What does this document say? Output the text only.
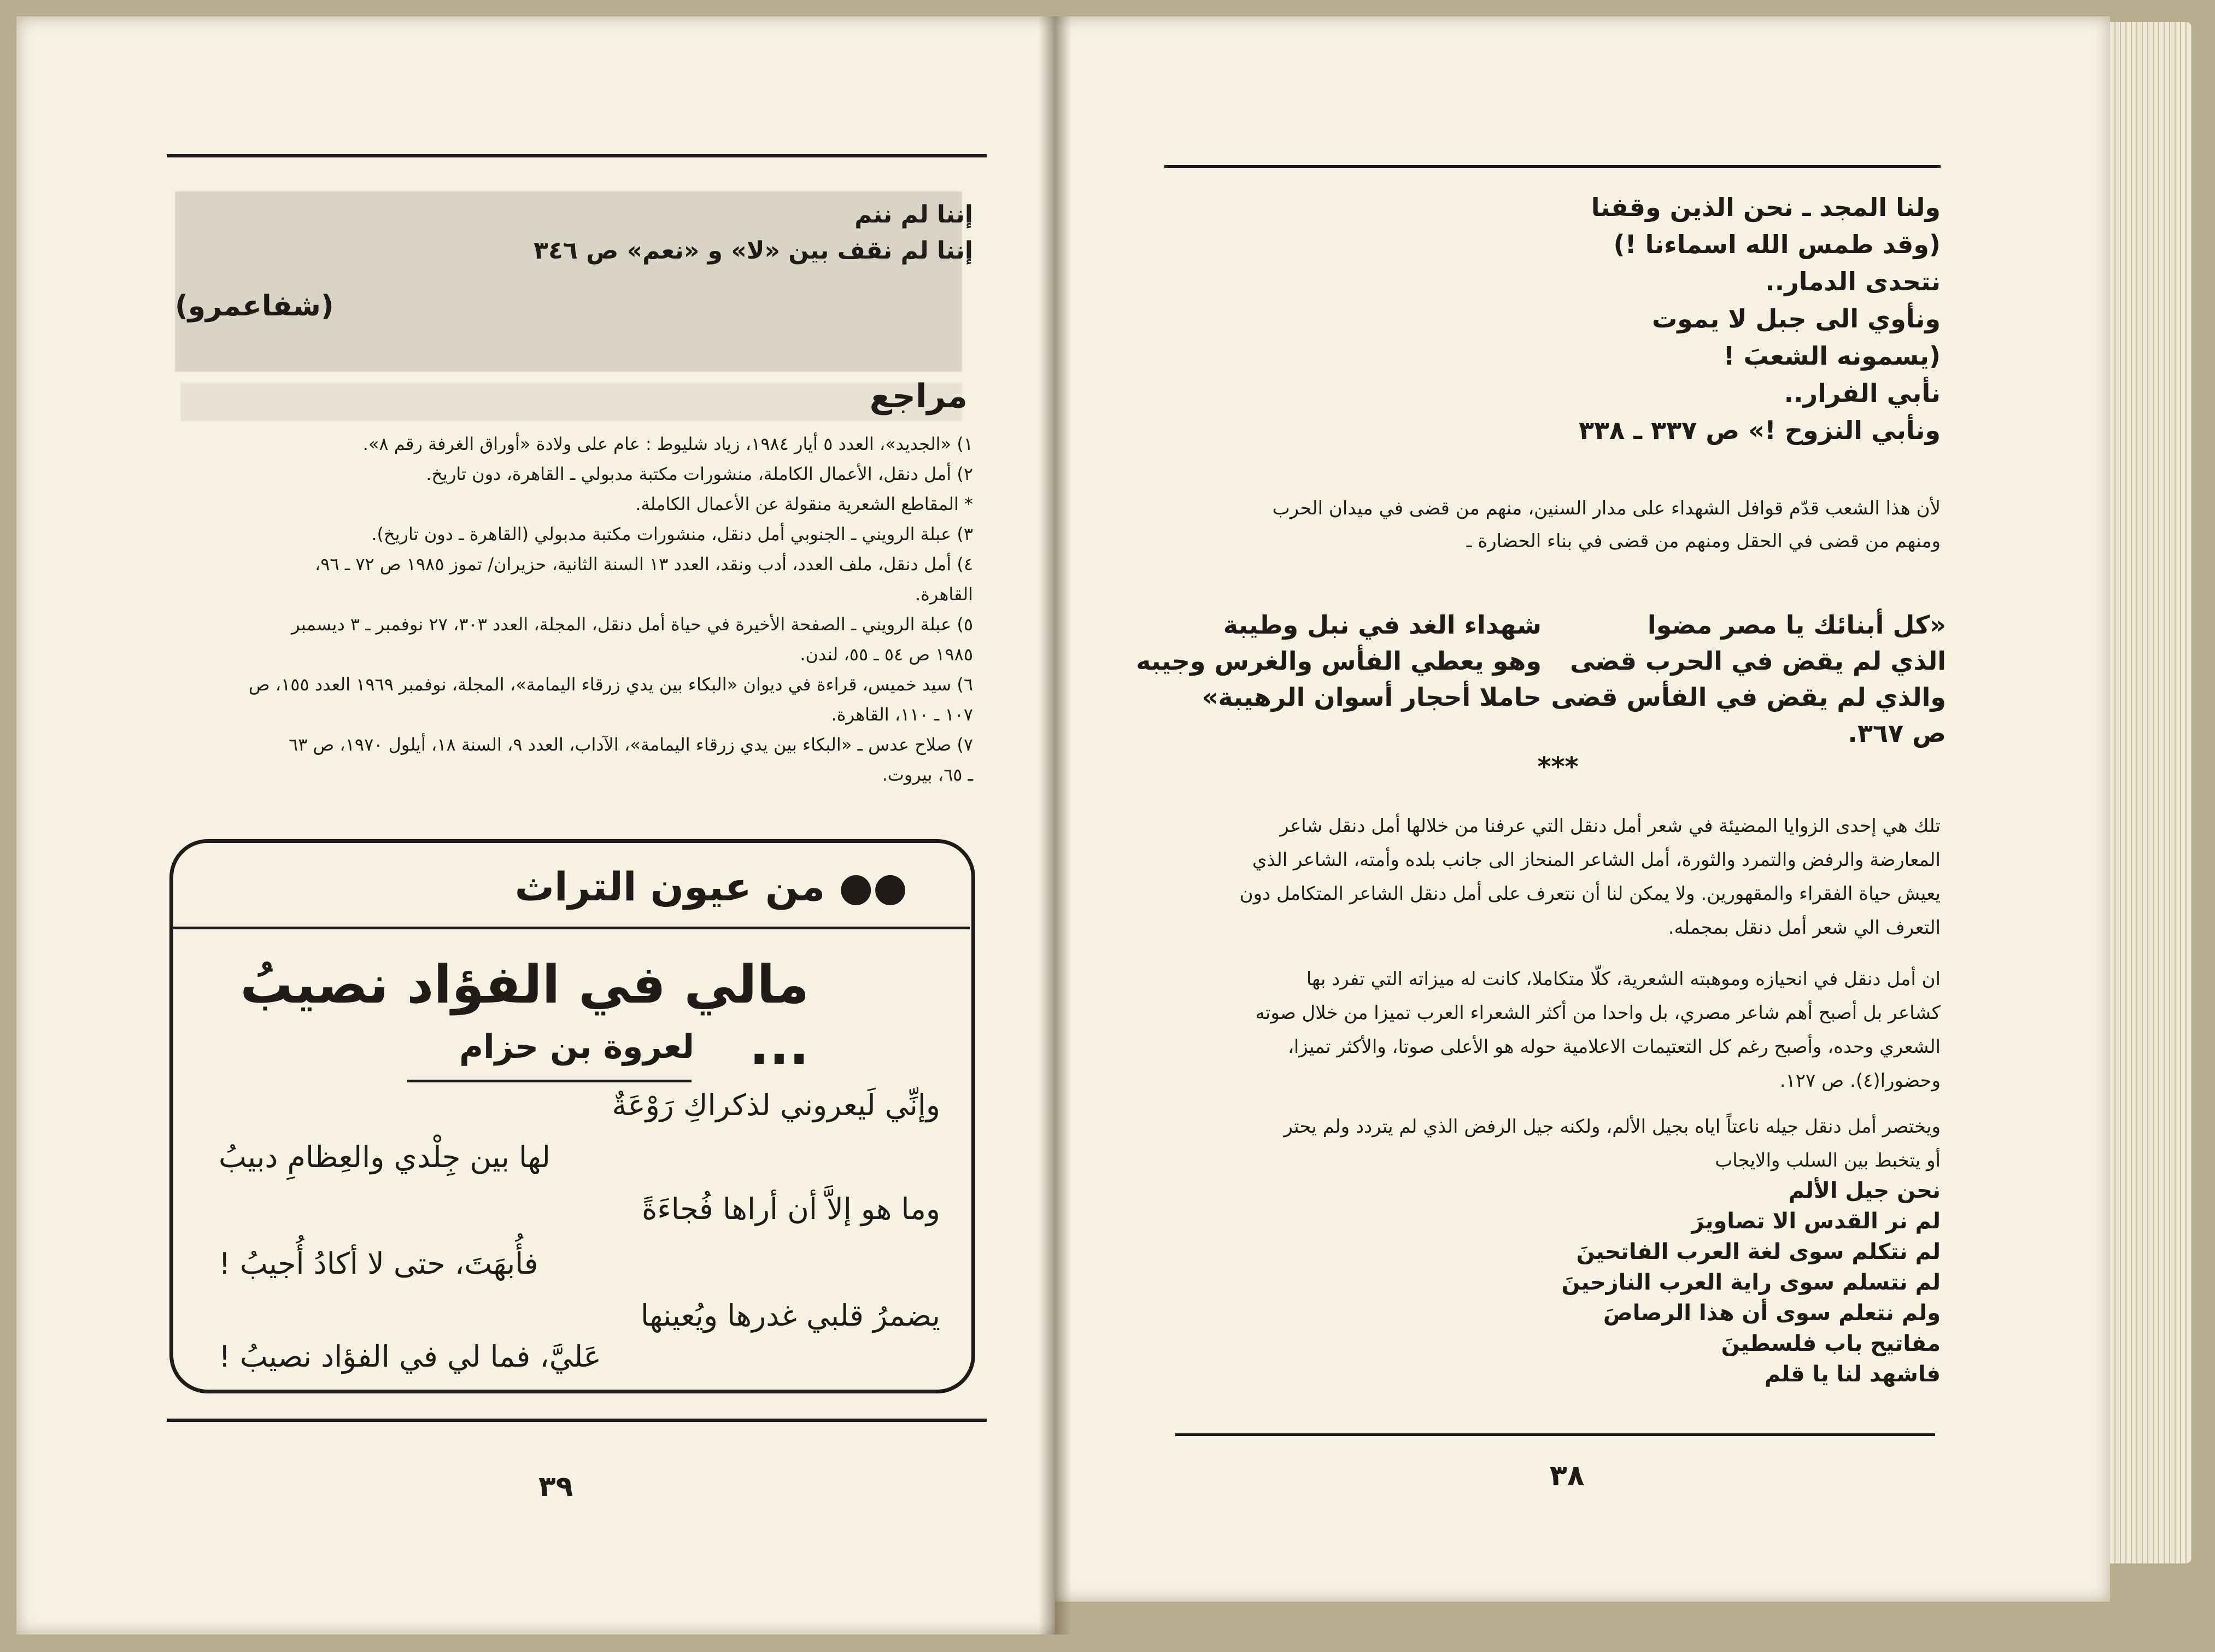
إننا لم ننم
إننا لم نقف بين «لا» و «نعم» ص ٣٤٦
(شفاعمرو)
مراجع
١) «الجديد»، العدد ٥ أيار ١٩٨٤، زياد شليوط : عام على ولادة «أوراق الغرفة رقم ٨».
٢) أمل دنقل، الأعمال الكاملة، منشورات مكتبة مدبولي ـ القاهرة، دون تاريخ.
* المقاطع الشعرية منقولة عن الأعمال الكاملة.
٣) عبلة الرويني ـ الجنوبي أمل دنقل، منشورات مكتبة مدبولي (القاهرة ـ دون تاريخ).
٤) أمل دنقل، ملف العدد، أدب ونقد، العدد ١٣ السنة الثانية، حزيران/ تموز ١٩٨٥ ص ٧٢ ـ ٩٦،
القاهرة.
٥) عبلة الرويني ـ الصفحة الأخيرة في حياة أمل دنقل، المجلة، العدد ٣٠٣، ٢٧ نوفمبر ـ ٣ ديسمبر
١٩٨٥ ص ٥٤ ـ ٥٥، لندن.
٦) سيد خميس، قراءة في ديوان «البكاء بين يدي زرقاء اليمامة»، المجلة، نوفمبر ١٩٦٩ العدد ١٥٥، ص
١٠٧ ـ ١١٠، القاهرة.
٧) صلاح عدس ـ «البكاء بين يدي زرقاء اليمامة»، الآداب، العدد ٩، السنة ١٨، أيلول ١٩٧٠، ص ٦٣
ـ ٦٥، بيروت.
●● من عيون التراث
مالي في الفؤاد نصيبُ ...
لعروة بن حزام
وإنِّي لَيعروني لذكراكِ رَوْعَةٌ
لها بين جِلْدي والعِظامِ دبيبُ
وما هو إلاَّ أن أراها فُجاءَةً
فأُبهَتَ، حتى لا أكادُ أُجيبُ !
يضمرُ قلبي غدرها ويُعينها
عَليَّ، فما لي في الفؤاد نصيبُ !
٣٩
ولنا المجد ـ نحن الذين وقفنا
(وقد طمس الله اسماءنا !)
نتحدى الدمار..
ونأوي الى جبل لا يموت
(يسمونه الشعبَ !
نأبي الفرار..
ونأبي النزوح !» ص ٣٣٧ ـ ٣٣٨
لأن هذا الشعب قدّم قوافل الشهداء على مدار السنين، منهم من قضى في ميدان الحرب
ومنهم من قضى في الحقل ومنهم من قضى في بناء الحضارة ـ
«كل أبنائك يا مصر مضوا
الذي لم يقض في الحرب قضى
والذي لم يقض في الفأس قضى
ص ٣٦٧.
شهداء الغد في نبل وطيبة
وهو يعطي الفأس والغرس وجيبه
حاملا أحجار أسوان الرهيبة»
***
تلك هي إحدى الزوايا المضيئة في شعر أمل دنقل التي عرفنا من خلالها أمل دنقل شاعر
المعارضة والرفض والتمرد والثورة، أمل الشاعر المنحاز الى جانب بلده وأمته، الشاعر الذي
يعيش حياة الفقراء والمقهورين. ولا يمكن لنا أن نتعرف على أمل دنقل الشاعر المتكامل دون
التعرف الي شعر أمل دنقل بمجمله.
ان أمل دنقل في انحيازه وموهبته الشعرية، كلّا متكاملا، كانت له ميزاته التي تفرد بها
كشاعر بل أصبح أهم شاعر مصري، بل واحدا من أكثر الشعراء العرب تميزا من خلال صوته
الشعري وحده، وأصبح رغم كل التعتيمات الاعلامية حوله هو الأعلى صوتا، والأكثر تميزا،
وحضورا(٤). ص ١٢٧.
ويختصر أمل دنقل جيله ناعتاً اياه بجيل الألم، ولكنه جيل الرفض الذي لم يتردد ولم يحتر
أو يتخبط بين السلب والايجاب
نحن جيل الألم
لم نر القدس الا تصاويرَ
لم نتكلم سوى لغة العرب الفاتحينَ
لم نتسلم سوى راية العرب النازحينَ
ولم نتعلم سوى أن هذا الرصاصَ
مفاتيح باب فلسطينَ
فاشهد لنا يا قلم
٣٨
